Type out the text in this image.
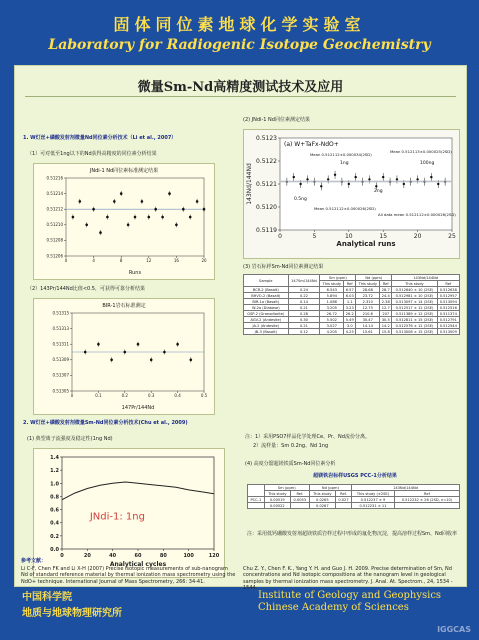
固体同位素地球化学实验室
Laboratory for Radiogenic Isotope Geochemistry
微量Sm-Nd高精度测试技术及应用
1. W灯丝+磷酸发射剂微量Nd同位素分析技术（Li et al., 2007）
（1）可对低至1ng以下的Nd获得高精度的同位素分析结果
JNdi-1 Nd同位素标准测定结果
0	4	8	12	16	20
0.51206
0.51208
0.51210
0.51212
0.51214
0.51216
Runs
（2）143Pr/144Nd比值<0.5，可获得可靠分析结果
BIR-1岩石标准测定
0	0.1	0.2	0.3	0.4	0.5
0.51305
0.51307
0.51309
0.51311
0.51313
0.51315
147Pr/144Nd
2. W灯丝+磷酸发射剂微量Sm-Nd同位素分析技术(Chu et al., 2009)
(1) 典型离子流强度及稳定性(1ng Nd)
0	20	40	60	80	100	120
0.0
0.2
0.4
0.6
0.8
1.0
1.2
1.4
JNdi-1: 1ng
Analytical cycles
(2) JNdi-1 Nd同位素测定结果
0	5	10	15	20	25
0.5119
0.5120
0.5121
0.5122
0.5123
(a) W+TaFx-NdO+
Mean 0.512112±0.000034(2SD)
Mean 0.512113±0.000025(2SD)
1ng	100ng
0.5ng
2ng
Mean 0.512112±0.000026(2SD)
All data mean 0.512112±0.000026(2SD)
Analytical runs
143Nd/144Nd
(3) 岩石标样Sm-Nd同位素测定结果
Sample	147Sm/144Nd	Sm (ppm)		Nd (ppm)		143Nd/144Nd	
		This study	Ref	This study	Ref	This study	Ref
BCR-2 (Basalt)	0.24	6.543	6.57	28.68	28.7	0.512640 ± 10 (2SE)	0.512638
BHVO-2 (Basalt)	0.22	5.894	6.03	23.72	24.4	0.512981 ± 10 (2SE)	0.512957
BIR-1a (Basalt)	0.14	1.086	1.1	2.310	2.38	0.513097 ± 14 (2SE)	0.513094
W-2a (Diabase)	0.21	3.205	3.23	12.75	12.7	0.512517 ± 12 (2SE)	0.512516
GSP-2 (Granodiorite)	0.28	26.72	26.2	210.6	207	0.511389 ± 12 (2SE)	0.511374
AGV-2 (Andesite)	0.30	5.502	5.49	30.47	30.5	0.512811 ± 15 (2SE)	0.512791
JA-2 (Andesite)	0.21	3.027	3.0	14.14	14.2	0.512576 ± 12 (2SE)	0.512544
JB-3 (Basalt)	0.12	4.205	4.25	15.61	15.8	0.513008 ± 15 (2SE)	0.513009
注：1）采用PSO7样品化学处理Ce、Pr、Nd流份分离。
2）流样量：Sm 0.2ng、Nd 1ng
(4) 高度分馏超镁铁质Sm-Nd同位素分析
超镁铁岩标样USGS PCC-1分析结果
	Sm (ppm)		Nd (ppm)		143Nd/144Nd	
	This study	Ref.	This study	Ref.	This study (±2SE)	Ref
PCC-1	0.00519	0.0053	0.0265	0.027	0.512237 ± 9	0.512232 ± 26 (2SD, n=10)
	0.00522		0.0267		0.512231 ± 11	
注：采用低钙硼酸发射剂超镁铁质岩样过程中形成的氟化物沉淀，提高溶样过程Sm、Nd回收率
参考文献：
Li C-F, Chen FK and Li X-H (2007) Precise isotopic measurements of sub-nanogram Nd of standard reference material by thermal ionization mass spectrometry using the NdO+ technique. International Journal of Mass Spectrometry, 266: 34-41.
Chu Z. Y., Chen F. K., Yang Y. H. and Guo J. H. 2009. Precise determination of Sm, Nd concentrations and Nd isotopic compositions at the nanogram level in geological samples by thermal ionization mass spectrometry. J. Anal. At. Spectrom., 24, 1534 - 1544.
中国科学院
地质与地球物理研究所
Institute of Geology and Geophysics
Chinese Academy of Sciences
IGGCAS
